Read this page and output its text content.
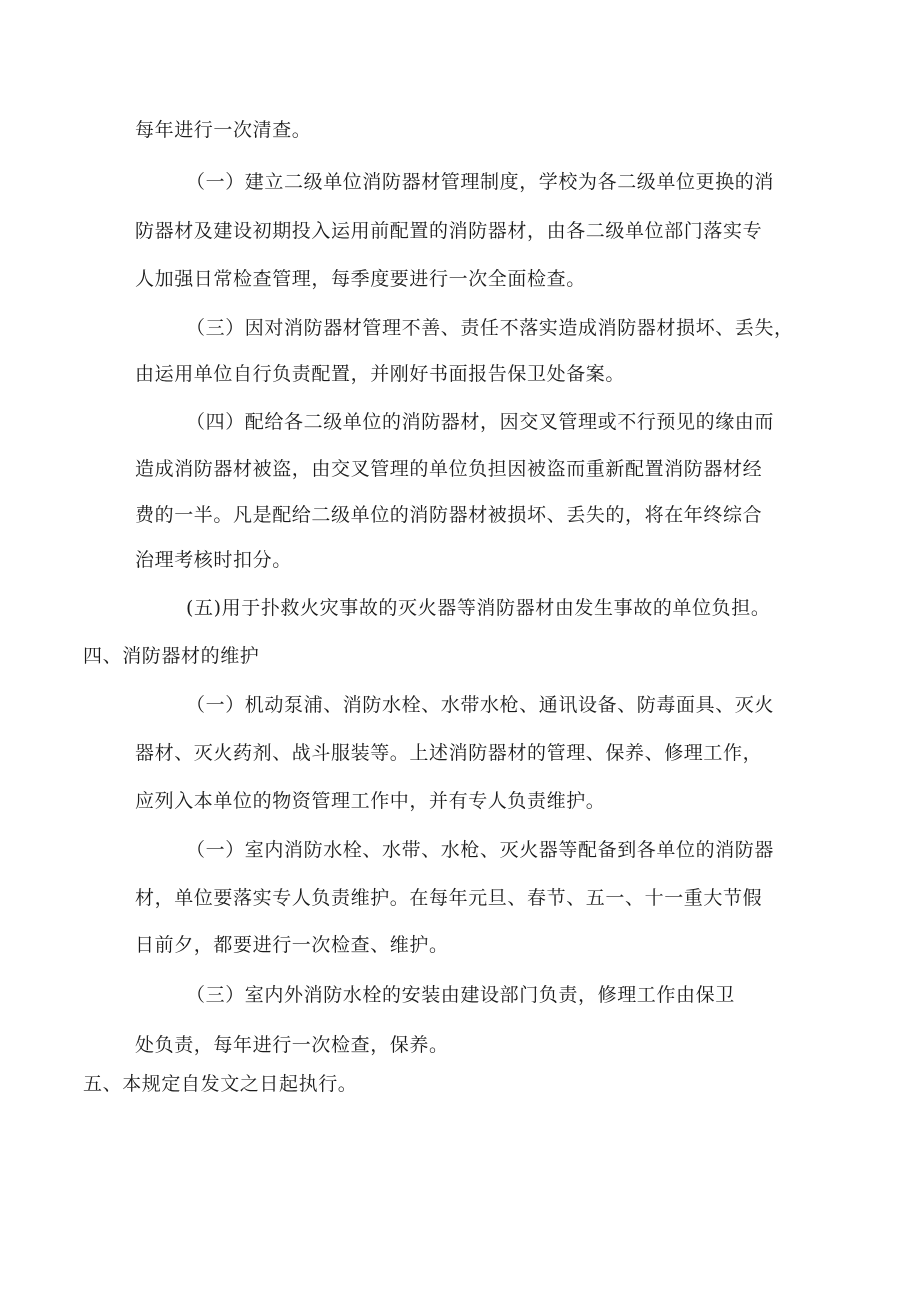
每年进行一次清查。
（一）建立二级单位消防器材管理制度，学校为各二级单位更换的消
防器材及建设初期投入运用前配置的消防器材，由各二级单位部门落实专
人加强日常检查管理，每季度要进行一次全面检查。
（三）因对消防器材管理不善、责任不落实造成消防器材损坏、丢失，
由运用单位自行负责配置，并刚好书面报告保卫处备案。
（四）配给各二级单位的消防器材，因交叉管理或不行预见的缘由而
造成消防器材被盗，由交叉管理的单位负担因被盗而重新配置消防器材经
费的一半。凡是配给二级单位的消防器材被损坏、丢失的，将在年终综合
治理考核时扣分。
(五)用于扑救火灾事故的灭火器等消防器材由发生事故的单位负担。
四、消防器材的维护
（一）机动泵浦、消防水栓、水带水枪、通讯设备、防毒面具、灭火
器材、灭火药剂、战斗服装等。上述消防器材的管理、保养、修理工作，
应列入本单位的物资管理工作中，并有专人负责维护。
（一）室内消防水栓、水带、水枪、灭火器等配备到各单位的消防器
材，单位要落实专人负责维护。在每年元旦、春节、五一、十一重大节假
日前夕，都要进行一次检查、维护。
（三）室内外消防水栓的安装由建设部门负责，修理工作由保卫
处负责，每年进行一次检查，保养。
五、本规定自发文之日起执行。
